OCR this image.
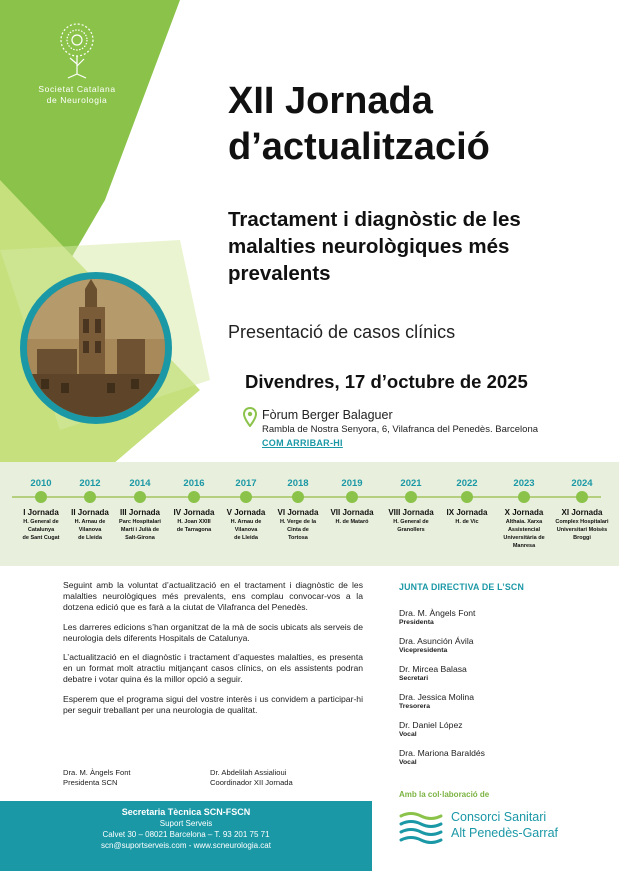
Societat Catalana
de Neurologia	XII Jornada
d’actualització
Tractament i diagnòstic de les
malalties neurològiques més
prevalents
Presentació de casos clínics
Divendres, 17 d’octubre de 2025
Fòrum Berger Balaguer
Rambla de Nostra Senyora, 6, Vilafranca del Penedès. Barcelona
COM ARRIBAR-HI
2010
I Jornada
H. General de
Catalunya
de Sant Cugat
2012
II Jornada
H. Arnau de
Vilanova
de Lleida
2014
III Jornada
Parc Hospitalari
Martí i Julià de
Salt-Girona
2016
IV Jornada
H. Joan XXIII
de Tarragona
2017
V Jornada
H. Arnau de
Vilanova
de Lleida
2018
VI Jornada
H. Verge de la
Cinta de
Tortosa
2019
VII Jornada
H. de Mataró
2021
VIII Jornada
H. General de
Granollers
2022
IX Jornada
H. de Vic
2023
X Jornada
Althaia. Xarxa
Assistencial
Universitària de
Manresa
2024
XI Jornada
Complex Hospitalari
Universitari Moisès
Broggi

Seguint amb la voluntat d’actualització en el tractament i diagnòstic de les malalties neurològiques més prevalents, ens complau convocar-vos a la dotzena edició que es farà a la ciutat de Vilafranca del Penedès.

Les darreres edicions s’han organitzat de la mà de socis ubicats als serveis de neurologia dels diferents Hospitals de Catalunya.

L’actualització en el diagnòstic i tractament d’aquestes malalties, es presenta en un format molt atractiu mitjançant casos clínics, on els assistents podran debatre i votar quina és la millor opció a seguir.

Esperem que el programa sigui del vostre interès i us convidem a participar-hi per seguir treballant per una neurologia de qualitat.

Dra. M. Àngels Font
Presidenta SCN
Dr. Abdelilah Assialioui
Coordinador XII Jornada
Secretaria Tècnica SCN-FSCN
Suport Serveis
Calvet 30 – 08021 Barcelona – T. 93 201 75 71
scn@suportserveis.com - www.scneurologia.cat
JUNTA DIRECTIVA DE L’SCN
Dra. M. Àngels Font
Presidenta
Dra. Asunción Ávila
Vicepresidenta
Dr. Mircea Balasa
Secretari
Dra. Jessica Molina
Tresorera
Dr. Daniel López
Vocal
Dra. Mariona Baraldés
Vocal
Amb la col·laboració de
Consorci Sanitari
Alt Penedès-Garraf
